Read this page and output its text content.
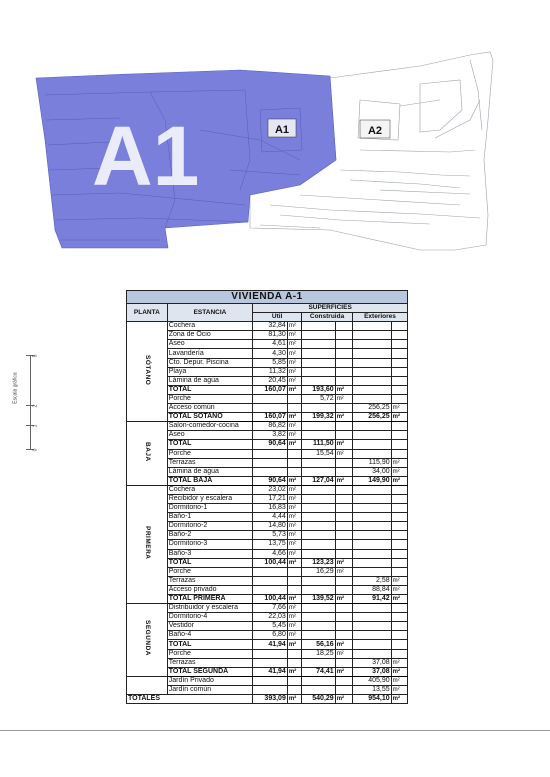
A1	A1	A2
5
2
1
0
Escala gráfica
VIVIENDA A-1							
PLANTA	ESTANCIA	SUPERFICIES					
		Útil		Construida		Exteriores	
SÓTANO	Cochera	32,84	m²				
	Zona de Ocio	81,30	m²				
	Aseo	4,61	m²				
	Lavandería	4,30	m²				
	Cto. Depur. Piscina	5,85	m²				
	Playa	11,32	m²				
	Lámina de agua	20,45	m²				
	TOTAL	160,07	m²	193,60	m²		
	Porche			5,72	m²		
	Acceso común					256,25	m²
	TOTAL SÓTANO	160,07	m²	199,32	m²	256,25	m²
BAJA	Salon-comedor-cocina	86,82	m²				
	Aseo	3,82	m²				
	TOTAL	90,64	m²	111,50	m²		
	Porche			15,54	m²		
	Terrazas					115,90	m²
	Lámina de agua					34,00	m²
	TOTAL BAJA	90,64	m²	127,04	m²	149,90	m²
PRIMERA	Cochera	23,02	m²				
	Recibidor y escalera	17,21	m²				
	Dormitorio-1	16,83	m²				
	Baño-1	4,44	m²				
	Dormitorio-2	14,80	m²				
	Baño-2	5,73	m²				
	Dormitorio-3	13,75	m²				
	Baño-3	4,66	m²				
	TOTAL	100,44	m²	123,23	m²		
	Porche			16,29	m²		
	Terrazas					2,58	m²
	Acceso privado					88,84	m²
	TOTAL PRIMERA	100,44	m²	139,52	m²	91,42	m²
SEGUNDA	Distribuidor y escalera	7,66	m²				
	Dormitorio-4	22,03	m²				
	Vestidor	5,45	m²				
	Baño-4	6,80	m²				
	TOTAL	41,94	m²	56,16	m²		
	Porche			18,25	m²		
	Terrazas					37,08	m²
	TOTAL SEGUNDA	41,94	m²	74,41	m²	37,08	m²
	Jardín Privado					405,90	m²
	Jardín común					13,55	m²
TOTALES		393,09	m²	540,29	m²	954,10	m²
